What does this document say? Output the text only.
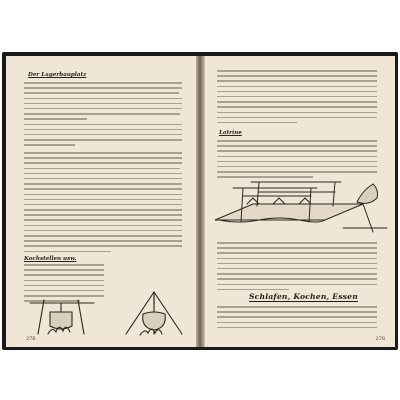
Der Lagerbauplatz
Kochstellen usw.
276
Latrine
Schlafen, Kochen, Essen
278
